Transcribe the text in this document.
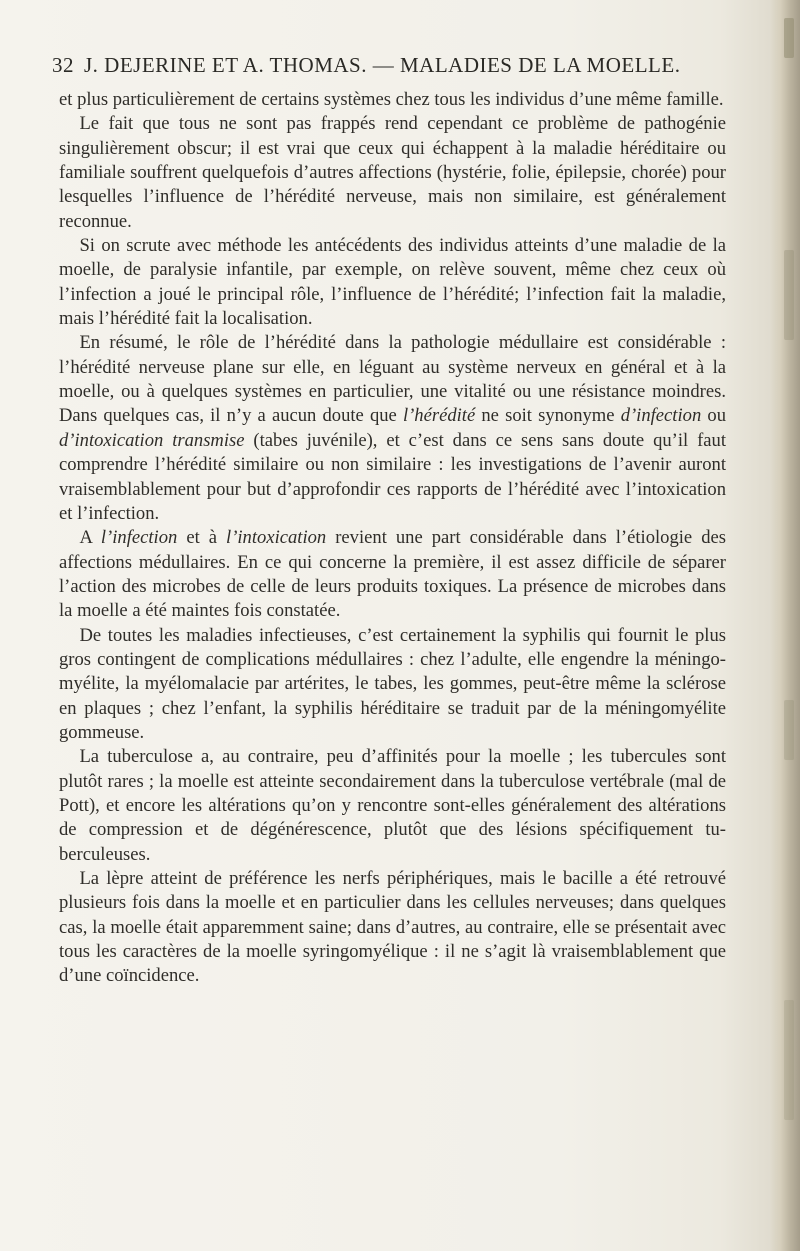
32 J. DEJERINE ET A. THOMAS. — MALADIES DE LA MOELLE.

et plus particulièrement de certains systèmes chez tous les individus d’une même famille.

Le fait que tous ne sont pas frappés rend cependant ce problème de pathogénie singulièrement obscur; il est vrai que ceux qui échappent à la maladie héréditaire ou familiale souffrent quelquefois d’autres affections (hystérie, folie, épilepsie, chorée) pour lesquelles l’influence de l’hérédité nerveuse, mais non similaire, est généralement reconnue.

Si on scrute avec méthode les antécédents des individus atteints d’une maladie de la moelle, de paralysie infantile, par exemple, on relève souvent, même chez ceux où l’infection a joué le principal rôle, l’influence de l’hérédité; l’infection fait la maladie, mais l’hérédité fait la localisation.

En résumé, le rôle de l’hérédité dans la pathologie médullaire est considérable : l’hérédité nerveuse plane sur elle, en léguant au système nerveux en général et à la moelle, ou à quelques systèmes en particulier, une vitalité ou une résistance moindres. Dans quelques cas, il n’y a aucun doute que l’hérédité ne soit synonyme d’infection ou d’intoxication transmise (tabes juvénile), et c’est dans ce sens sans doute qu’il faut comprendre l’hérédité similaire ou non similaire : les investigations de l’avenir auront vraisemblablement pour but d’approfondir ces rapports de l’hérédité avec l’intoxication et l’infection.

A l’infection et à l’intoxication revient une part considérable dans l’étiologie des affections médullaires. En ce qui concerne la première, il est assez difficile de séparer l’action des microbes de celle de leurs produits toxiques. La présence de microbes dans la moelle a été maintes fois constatée.

De toutes les maladies infectieuses, c’est certainement la syphilis qui fournit le plus gros contingent de complications médullaires : chez l’adulte, elle engendre la méningo-myélite, la myélomalacie par artérites, le tabes, les gommes, peut-être même la sclérose en plaques ; chez l’enfant, la syphilis héréditaire se traduit par de la méningomyélite gommeuse.

La tuberculose a, au contraire, peu d’affinités pour la moelle ; les tubercules sont plutôt rares ; la moelle est atteinte secondairement dans la tuberculose vertébrale (mal de Pott), et encore les altérations qu’on y rencontre sont-elles généralement des altérations de compression et de dégénérescence, plutôt que des lésions spécifiquement tuberculeuses.

La lèpre atteint de préférence les nerfs périphériques, mais le bacille a été retrouvé plusieurs fois dans la moelle et en particulier dans les cellules nerveuses; dans quelques cas, la moelle était apparemment saine; dans d’autres, au contraire, elle se présentait avec tous les caractères de la moelle syringomyélique : il ne s’agit là vraisemblablement que d’une coïncidence.
